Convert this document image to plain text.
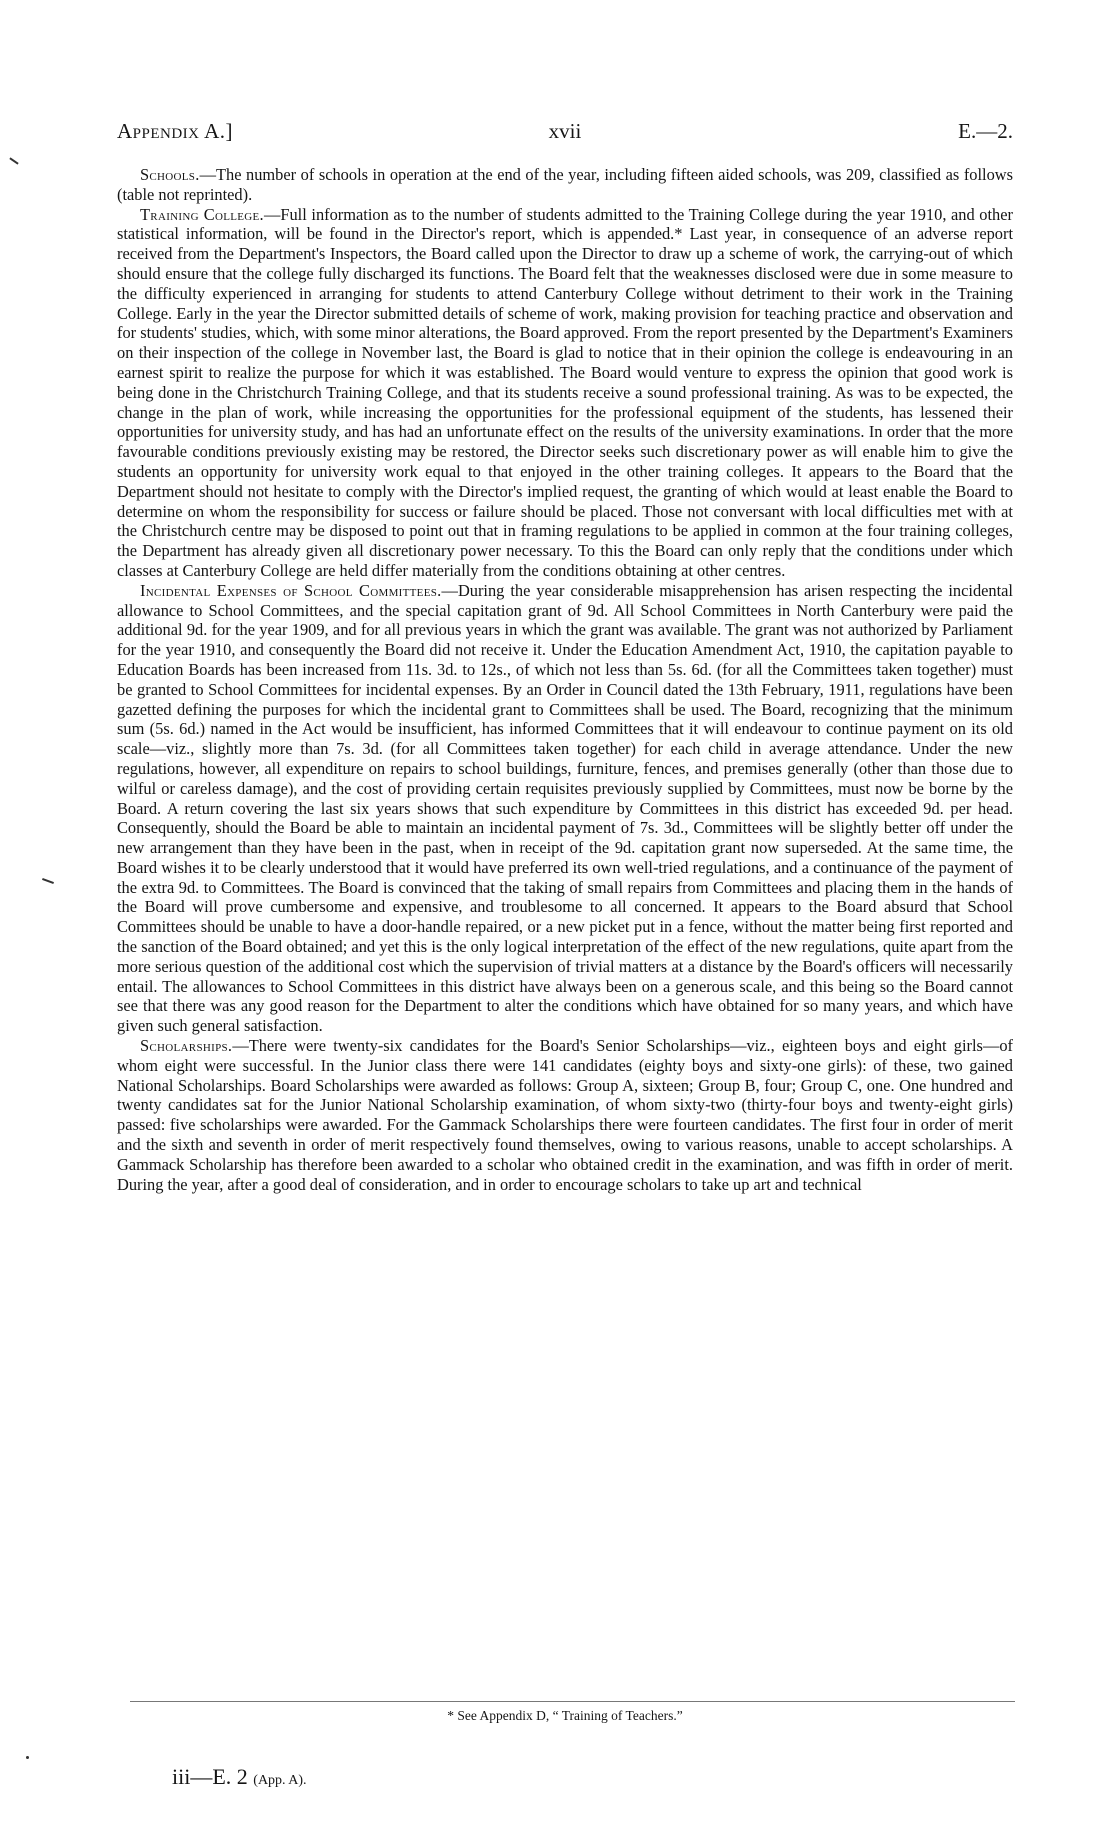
Appendix A.]	xvii	E.—2.

Schools.—The number of schools in operation at the end of the year, including fifteen aided schools, was 209, classified as follows (table not reprinted).

Training College.—Full information as to the number of students admitted to the Training College during the year 1910, and other statistical information, will be found in the Director's report, which is appended.* Last year, in consequence of an adverse report received from the Department's Inspectors, the Board called upon the Director to draw up a scheme of work, the carrying-out of which should ensure that the college fully discharged its functions. The Board felt that the weaknesses disclosed were due in some measure to the difficulty experienced in arranging for students to attend Canterbury College without detriment to their work in the Training College. Early in the year the Director submitted details of scheme of work, making provision for teaching practice and observation and for students' studies, which, with some minor alterations, the Board approved. From the report presented by the Department's Examiners on their inspection of the college in November last, the Board is glad to notice that in their opinion the college is endeavouring in an earnest spirit to realize the purpose for which it was established. The Board would venture to express the opinion that good work is being done in the Christchurch Training College, and that its students receive a sound professional training. As was to be expected, the change in the plan of work, while increasing the opportunities for the professional equipment of the students, has lessened their opportunities for university study, and has had an unfortunate effect on the results of the university examinations. In order that the more favourable conditions previously existing may be restored, the Director seeks such discretionary power as will enable him to give the students an opportunity for university work equal to that enjoyed in the other training colleges. It appears to the Board that the Department should not hesitate to comply with the Director's implied request, the granting of which would at least enable the Board to determine on whom the responsibility for success or failure should be placed. Those not conversant with local difficulties met with at the Christchurch centre may be disposed to point out that in framing regulations to be applied in common at the four training colleges, the Department has already given all discretionary power necessary. To this the Board can only reply that the conditions under which classes at Canterbury College are held differ materially from the conditions obtaining at other centres.

Incidental Expenses of School Committees.—During the year considerable misapprehension has arisen respecting the incidental allowance to School Committees, and the special capitation grant of 9d. All School Committees in North Canterbury were paid the additional 9d. for the year 1909, and for all previous years in which the grant was available. The grant was not authorized by Parliament for the year 1910, and consequently the Board did not receive it. Under the Education Amendment Act, 1910, the capitation payable to Education Boards has been increased from 11s. 3d. to 12s., of which not less than 5s. 6d. (for all the Committees taken together) must be granted to School Committees for incidental expenses. By an Order in Council dated the 13th February, 1911, regulations have been gazetted defining the purposes for which the incidental grant to Committees shall be used. The Board, recognizing that the minimum sum (5s. 6d.) named in the Act would be insufficient, has informed Committees that it will endeavour to continue payment on its old scale—viz., slightly more than 7s. 3d. (for all Committees taken together) for each child in average attendance. Under the new regulations, however, all expenditure on repairs to school buildings, furniture, fences, and premises generally (other than those due to wilful or careless damage), and the cost of providing certain requisites previously supplied by Committees, must now be borne by the Board. A return covering the last six years shows that such expenditure by Committees in this district has exceeded 9d. per head. Consequently, should the Board be able to maintain an incidental payment of 7s. 3d., Committees will be slightly better off under the new arrangement than they have been in the past, when in receipt of the 9d. capitation grant now superseded. At the same time, the Board wishes it to be clearly understood that it would have preferred its own well-tried regulations, and a continuance of the payment of the extra 9d. to Committees. The Board is convinced that the taking of small repairs from Committees and placing them in the hands of the Board will prove cumbersome and expensive, and troublesome to all concerned. It appears to the Board absurd that School Committees should be unable to have a door-handle repaired, or a new picket put in a fence, without the matter being first reported and the sanction of the Board obtained; and yet this is the only logical interpretation of the effect of the new regulations, quite apart from the more serious question of the additional cost which the supervision of trivial matters at a distance by the Board's officers will necessarily entail. The allowances to School Committees in this district have always been on a generous scale, and this being so the Board cannot see that there was any good reason for the Department to alter the conditions which have obtained for so many years, and which have given such general satisfaction.

Scholarships.—There were twenty-six candidates for the Board's Senior Scholarships—viz., eighteen boys and eight girls—of whom eight were successful. In the Junior class there were 141 candidates (eighty boys and sixty-one girls): of these, two gained National Scholarships. Board Scholarships were awarded as follows: Group A, sixteen; Group B, four; Group C, one. One hundred and twenty candidates sat for the Junior National Scholarship examination, of whom sixty-two (thirty-four boys and twenty-eight girls) passed: five scholarships were awarded. For the Gammack Scholarships there were fourteen candidates. The first four in order of merit and the sixth and seventh in order of merit respectively found themselves, owing to various reasons, unable to accept scholarships. A Gammack Scholarship has therefore been awarded to a scholar who obtained credit in the examination, and was fifth in order of merit. During the year, after a good deal of consideration, and in order to encourage scholars to take up art and technical

* See Appendix D, “ Training of Teachers.”
iii—E. 2 (App. A).
